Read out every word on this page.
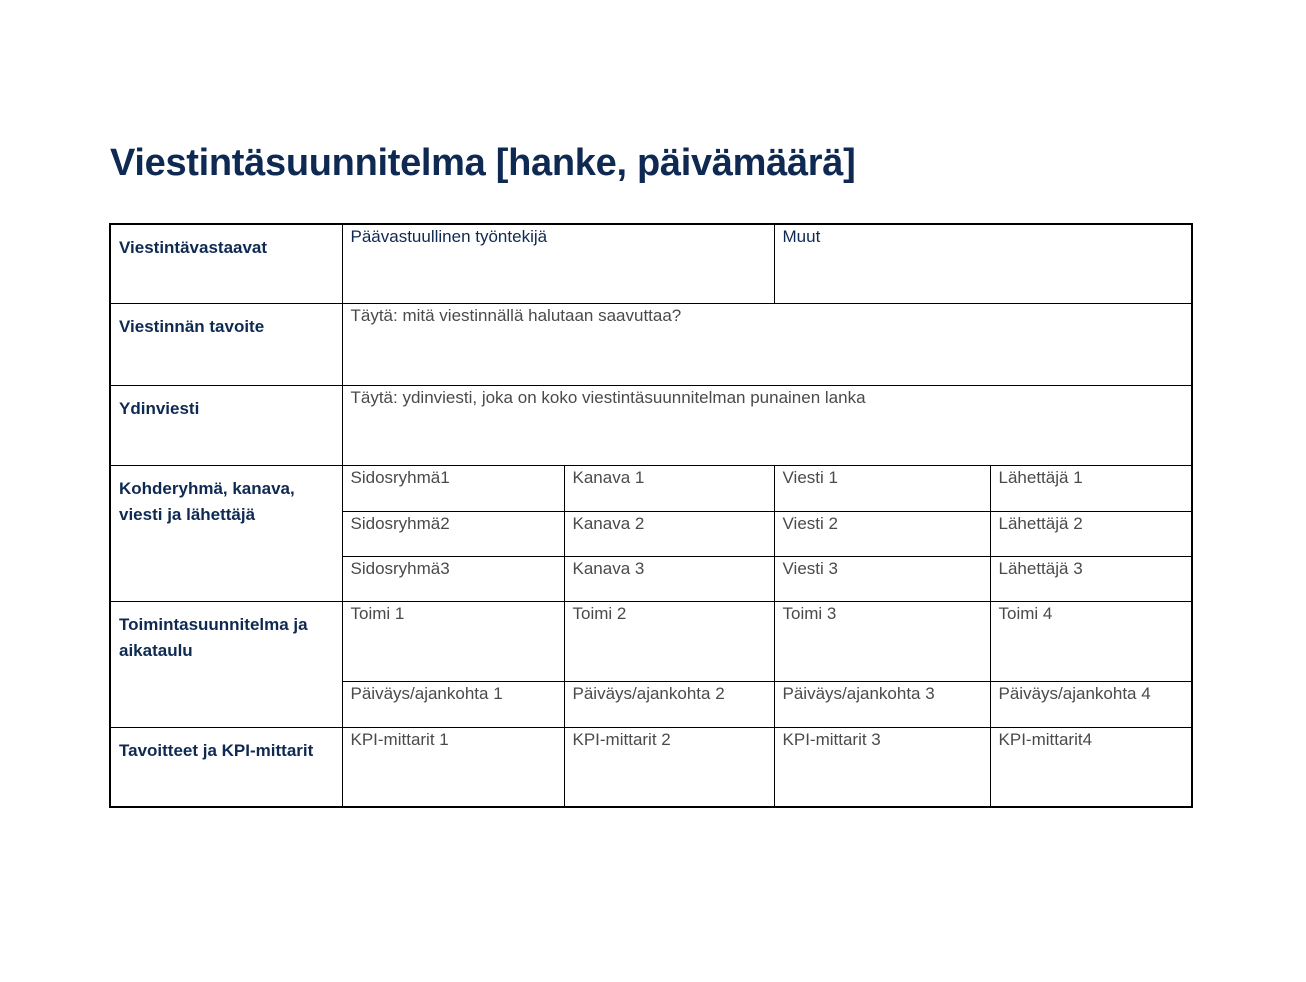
Viestintäsuunnitelma [hanke, päivämäärä]
Viestintävastaavat	Päävastuullinen työntekijä		Muut	
Viestinnän tavoite	Täytä: mitä viestinnällä halutaan saavuttaa?			
Ydinviesti	Täytä: ydinviesti, joka on koko viestintäsuunnitelman punainen lanka			
Kohderyhmä, kanava, viesti ja lähettäjä	Sidosryhmä1	Kanava 1	Viesti 1	Lähettäjä 1
	Sidosryhmä2	Kanava 2	Viesti 2	Lähettäjä 2
	Sidosryhmä3	Kanava 3	Viesti 3	Lähettäjä 3
Toimintasuunnitelma ja aikataulu	Toimi 1	Toimi 2	Toimi 3	Toimi 4
	Päiväys/ajankohta 1	Päiväys/ajankohta 2	Päiväys/ajankohta 3	Päiväys/ajankohta 4
Tavoitteet ja KPI-mittarit	KPI-mittarit 1	KPI-mittarit 2	KPI-mittarit 3	KPI-mittarit4
